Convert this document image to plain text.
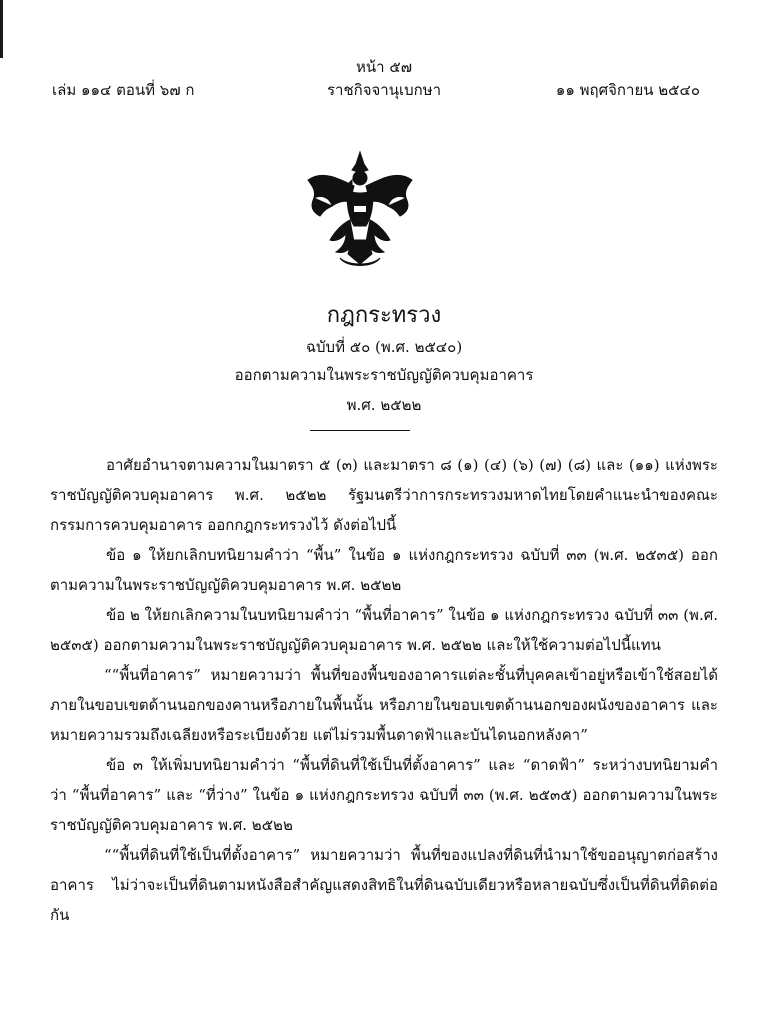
หน้า ๕๗
เล่ม ๑๑๔ ตอนที่ ๖๗ ก	ราชกิจจานุเบกษา	๑๑ พฤศจิกายน ๒๕๔๐
กฎกระทรวง
ฉบับที่ ๕๐ (พ.ศ. ๒๕๔๐)
ออกตามความในพระราชบัญญัติควบคุมอาคาร
พ.ศ. ๒๕๒๒

อาศัยอำนาจตามความในมาตรา ๕ (๓) และมาตรา ๘ (๑) (๔) (๖) (๗) (๘) และ (๑๑) แห่งพระราชบัญญัติควบคุมอาคาร พ.ศ. ๒๕๒๒ รัฐมนตรีว่าการกระทรวงมหาดไทยโดยคำแนะนำของคณะกรรมการควบคุมอาคาร ออกกฎกระทรวงไว้ ดังต่อไปนี้

ข้อ ๑ ให้ยกเลิกบทนิยามคำว่า “พื้น” ในข้อ ๑ แห่งกฎกระทรวง ฉบับที่ ๓๓ (พ.ศ. ๒๕๓๕) ออกตามความในพระราชบัญญัติควบคุมอาคาร พ.ศ. ๒๕๒๒

ข้อ ๒ ให้ยกเลิกความในบทนิยามคำว่า “พื้นที่อาคาร” ในข้อ ๑ แห่งกฎกระทรวง ฉบับที่ ๓๓ (พ.ศ. ๒๕๓๕) ออกตามความในพระราชบัญญัติควบคุมอาคาร พ.ศ. ๒๕๒๒ และให้ใช้ความต่อไปนี้แทน

““พื้นที่อาคาร” หมายความว่า พื้นที่ของพื้นของอาคารแต่ละชั้นที่บุคคลเข้าอยู่หรือเข้าใช้สอยได้ภายในขอบเขตด้านนอกของคานหรือภายในพื้นนั้น หรือภายในขอบเขตด้านนอกของผนังของอาคาร และหมายความรวมถึงเฉลียงหรือระเบียงด้วย แต่ไม่รวมพื้นดาดฟ้าและบันไดนอกหลังคา”

ข้อ ๓ ให้เพิ่มบทนิยามคำว่า “พื้นที่ดินที่ใช้เป็นที่ตั้งอาคาร” และ “ดาดฟ้า” ระหว่างบทนิยามคำว่า “พื้นที่อาคาร” และ “ที่ว่าง” ในข้อ ๑ แห่งกฎกระทรวง ฉบับที่ ๓๓ (พ.ศ. ๒๕๓๕) ออกตามความในพระราชบัญญัติควบคุมอาคาร พ.ศ. ๒๕๒๒

““พื้นที่ดินที่ใช้เป็นที่ตั้งอาคาร” หมายความว่า พื้นที่ของแปลงที่ดินที่นำมาใช้ขออนุญาตก่อสร้างอาคาร ไม่ว่าจะเป็นที่ดินตามหนังสือสำคัญแสดงสิทธิในที่ดินฉบับเดียวหรือหลายฉบับซึ่งเป็นที่ดินที่ติดต่อกัน
